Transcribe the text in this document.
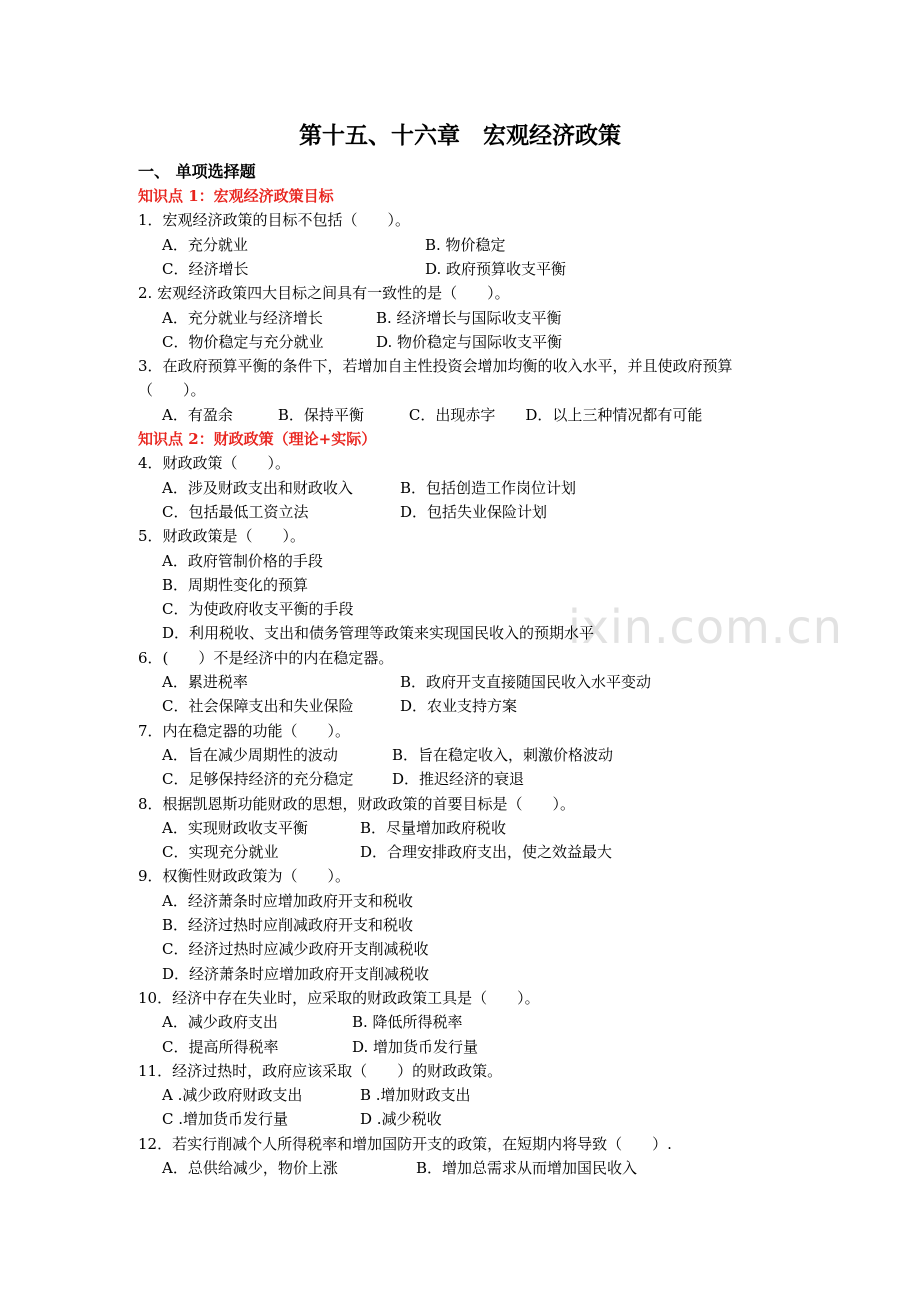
ixin.com.cn
第十五、十六章　宏观经济政策
一、 单项选择题
知识点 1：宏观经济政策目标
1．宏观经济政策的目标不包括（　　）。
A．充分就业	B. 物价稳定
C．经济增长	D. 政府预算收支平衡
2. 宏观经济政策四大目标之间具有一致性的是（　　）。
A．充分就业与经济增长	B. 经济增长与国际收支平衡
C．物价稳定与充分就业	D. 物价稳定与国际收支平衡
3．在政府预算平衡的条件下，若增加自主性投资会增加均衡的收入水平，并且使政府预算
（　　）。
A．有盈余　　　B．保持平衡　　　C．出现赤字　　D．以上三种情况都有可能
知识点 2：财政政策（理论+实际）
4．财政政策（　　）。
A．涉及财政支出和财政收入	B．包括创造工作岗位计划
C．包括最低工资立法	D．包括失业保险计划
5．财政政策是（　　）。
A．政府管制价格的手段
B．周期性变化的预算
C．为使政府收支平衡的手段
D．利用税收、支出和债务管理等政策来实现国民收入的预期水平
6．(　　）不是经济中的内在稳定器。
A．累进税率	B．政府开支直接随国民收入水平变动
C．社会保障支出和失业保险	D．农业支持方案
7．内在稳定器的功能（　　）。
A．旨在减少周期性的波动	B．旨在稳定收入，刺激价格波动
C．足够保持经济的充分稳定	D．推迟经济的衰退
8．根据凯恩斯功能财政的思想，财政政策的首要目标是（　　）。
A．实现财政收支平衡	B．尽量增加政府税收
C．实现充分就业	D．合理安排政府支出，使之效益最大
9．权衡性财政政策为（　　）。
A．经济萧条时应增加政府开支和税收
B．经济过热时应削减政府开支和税收
C．经济过热时应减少政府开支削减税收
D．经济萧条时应增加政府开支削减税收
10．经济中存在失业时，应采取的财政政策工具是（　　）。
A．减少政府支出	B. 降低所得税率
C．提高所得税率	D. 增加货币发行量
11．经济过热时，政府应该采取（　　）的财政政策。
A .减少政府财政支出	B .增加财政支出
C .增加货币发行量	D .减少税收
12．若实行削减个人所得税率和增加国防开支的政策，在短期内将导致（　　）.
A．总供给减少，物价上涨	B．增加总需求从而增加国民收入
